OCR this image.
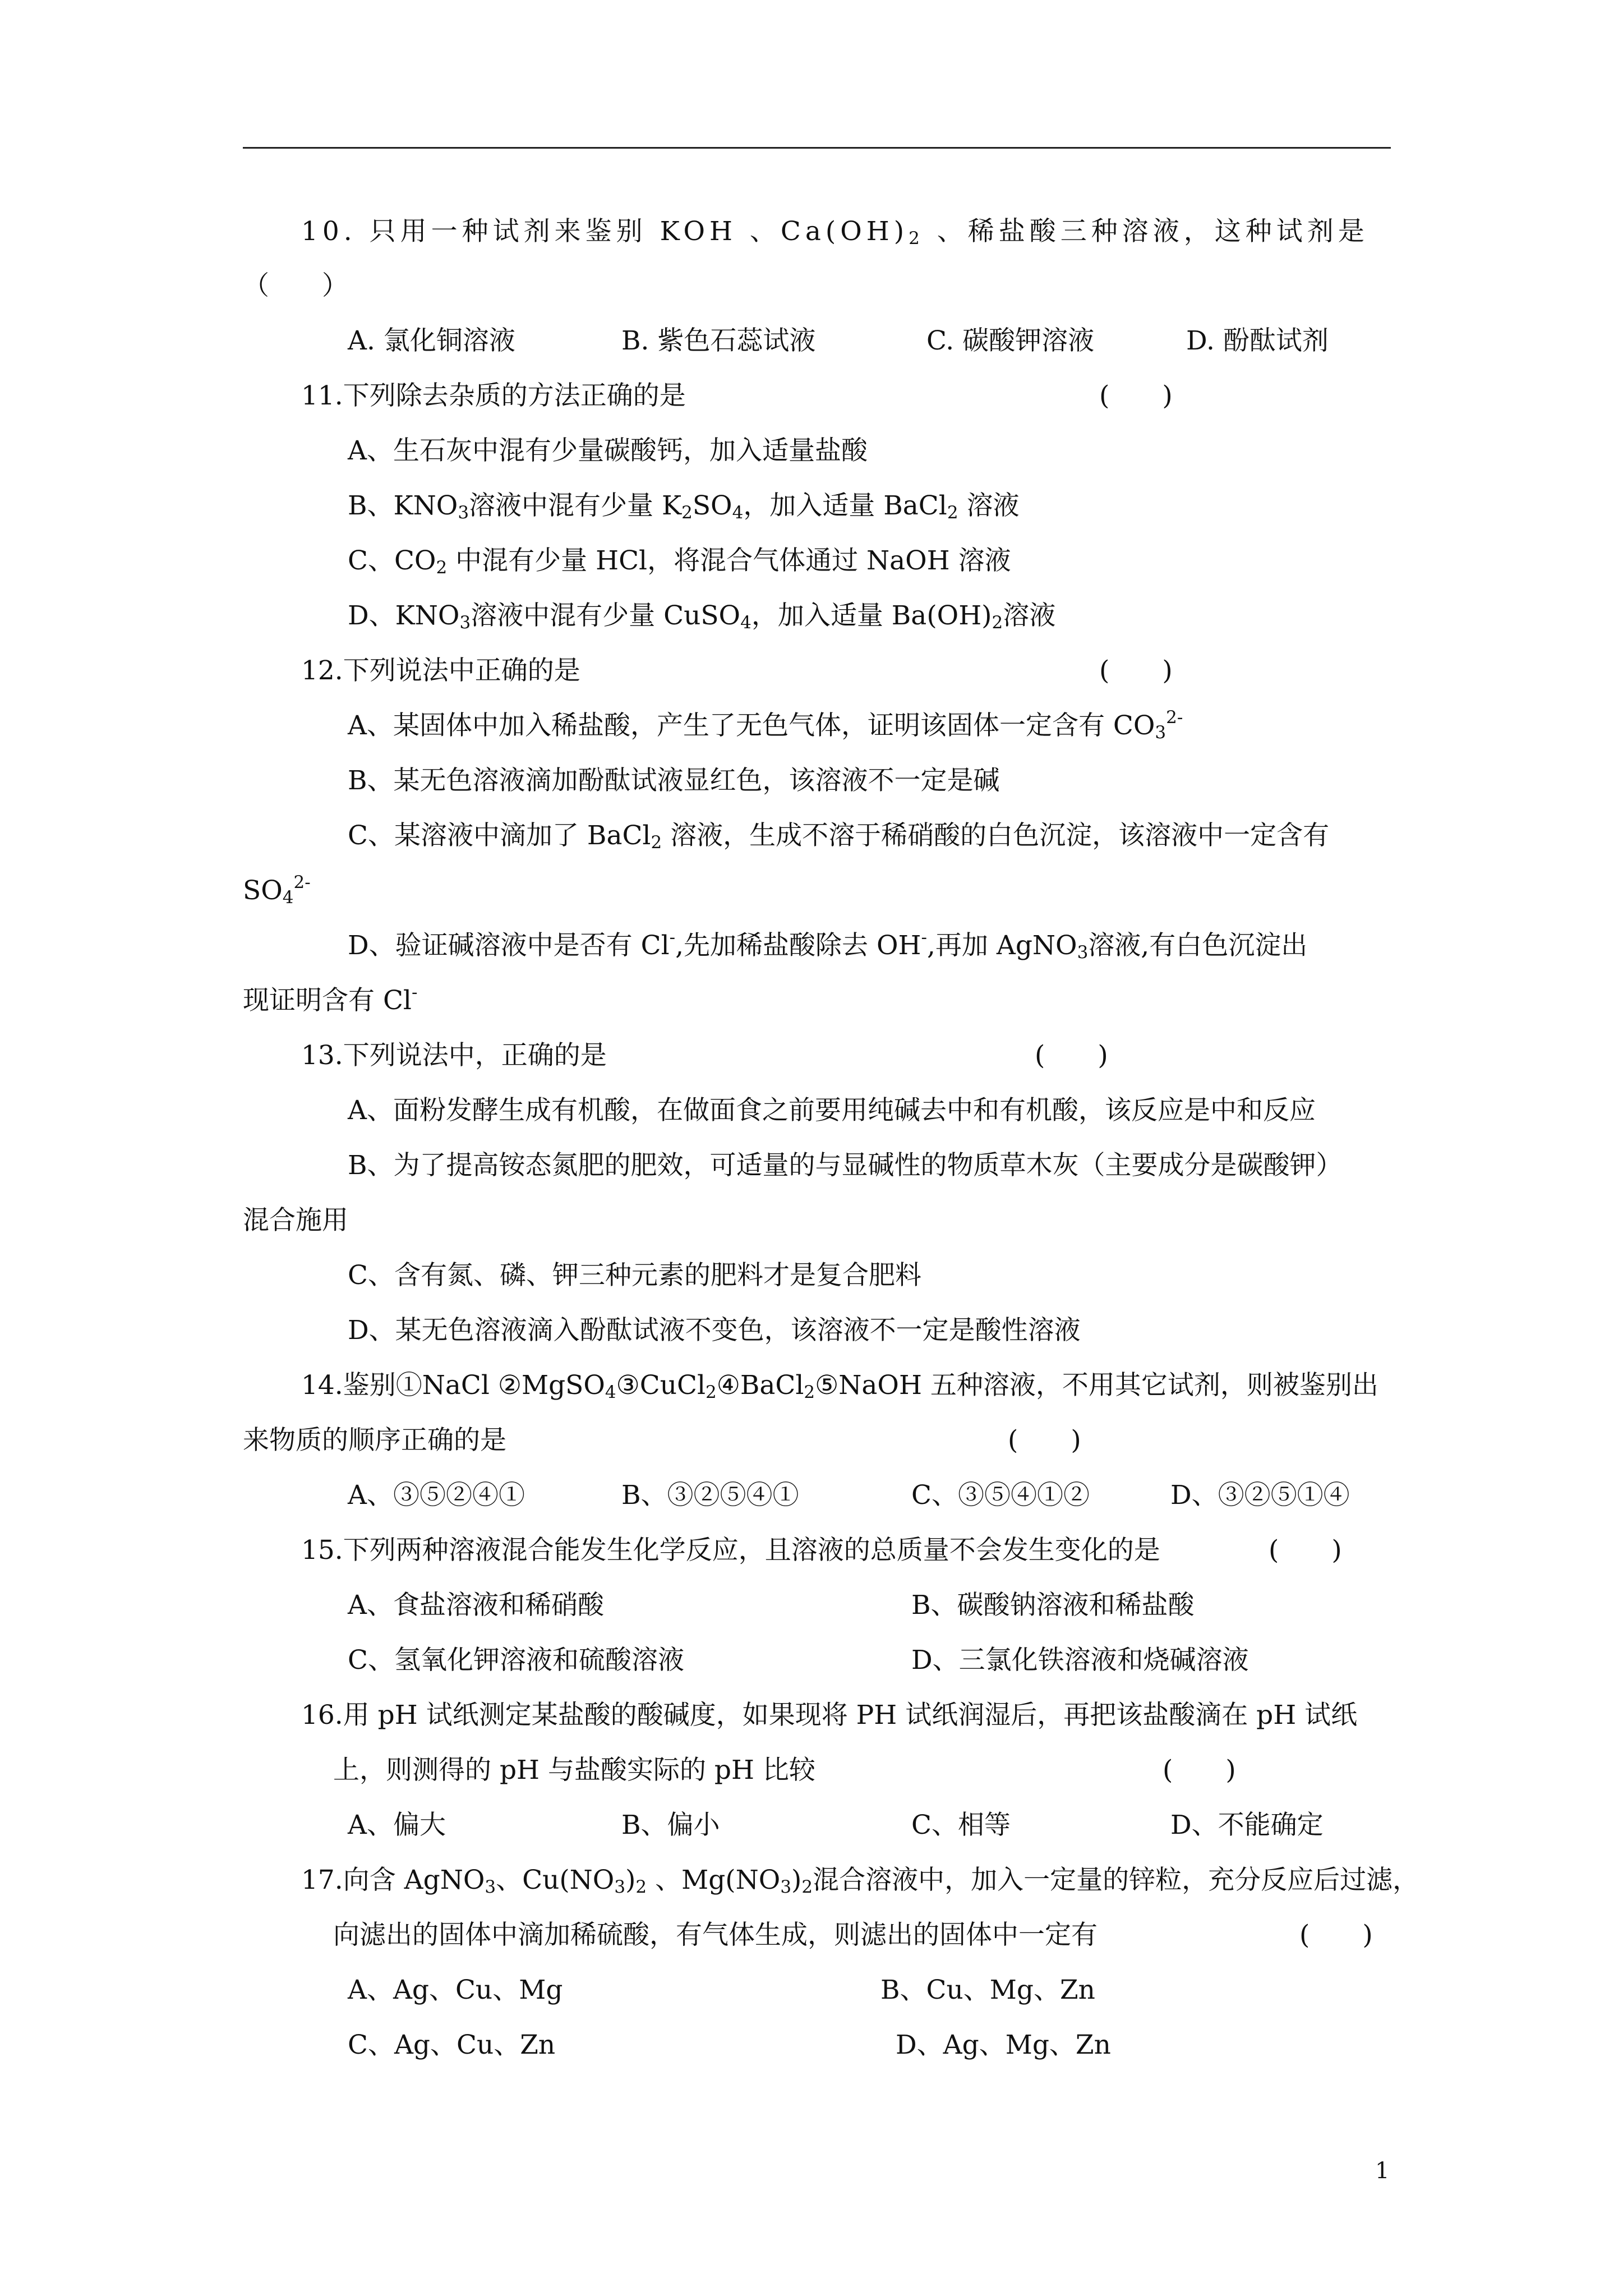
10. 只用一种试剂来鉴别 KOH 、$Ca(OH)_2$ 、稀盐酸三种溶液，这种试剂是
（　　）
A. 氯化铜溶液	B. 紫色石蕊试液	C. 碳酸钾溶液	D. 酚酞试剂
11.下列除去杂质的方法正确的是	(　　)
A、生石灰中混有少量碳酸钙，加入适量盐酸
B、$KNO_3$溶液中混有少量 $K_2SO_4$，加入适量 BaCl$_2$ 溶液
C、$CO_2$ 中混有少量 HCl，将混合气体通过 NaOH 溶液
D、$KNO_3$溶液中混有少量 CuSO$_4$，加入适量 $Ba(OH)_2$溶液
12.下列说法中正确的是	(　　)
A、某固体中加入稀盐酸，产生了无色气体，证明该固体一定含有 $CO_3^{2-}$
B、某无色溶液滴加酚酞试液显红色，该溶液不一定是碱
C、某溶液中滴加了 BaCl$_2$ 溶液，生成不溶于稀硝酸的白色沉淀，该溶液中一定含有
$SO_4^{2-}$
D、验证碱溶液中是否有 Cl-,先加稀盐酸除去 OH-,再加 AgNO$_3$溶液,有白色沉淀出
现证明含有 Cl-
13.下列说法中，正确的是	(　　)
A、面粉发酵生成有机酸，在做面食之前要用纯碱去中和有机酸，该反应是中和反应
B、为了提高铵态氮肥的肥效，可适量的与显碱性的物质草木灰（主要成分是碳酸钾）
混合施用
C、含有氮、磷、钾三种元素的肥料才是复合肥料
D、某无色溶液滴入酚酞试液不变色，该溶液不一定是酸性溶液
14.鉴别①NaCl ②MgSO$_4$③CuCl$_2$④BaCl$_2$⑤NaOH 五种溶液，不用其它试剂，则被鉴别出
来物质的顺序正确的是	(　　)
A、③⑤②④①	B、③②⑤④①	C、③⑤④①②	D、③②⑤①④
15.下列两种溶液混合能发生化学反应，且溶液的总质量不会发生变化的是	(　　)
A、食盐溶液和稀硝酸	B、碳酸钠溶液和稀盐酸
C、氢氧化钾溶液和硫酸溶液	D、三氯化铁溶液和烧碱溶液
16.用 pH 试纸测定某盐酸的酸碱度，如果现将 PH 试纸润湿后，再把该盐酸滴在 pH 试纸
上，则测得的 pH 与盐酸实际的 pH 比较	(　　)
A、偏大	B、偏小	C、相等	D、不能确定
17.向含 AgNO$_3$、$Cu(NO_3)_2$ 、$Mg(NO_3)_2$混合溶液中，加入一定量的锌粒，充分反应后过滤，
向滤出的固体中滴加稀硫酸，有气体生成，则滤出的固体中一定有	(　　)
A、Ag、Cu、Mg	B、Cu、Mg、Zn
C、Ag、Cu、Zn	D、Ag、Mg、Zn
1
